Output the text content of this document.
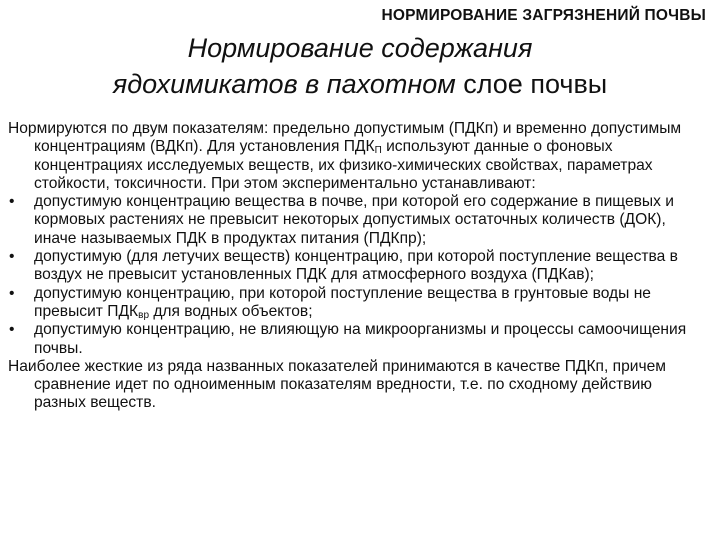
НОРМИРОВАНИЕ ЗАГРЯЗНЕНИЙ ПОЧВЫ
Нормирование содержания
ядохимикатов в пахотном слое почвы
Нормируются по двум показателям: предельно допустимым (ПДКп) и временно допустимым концентрациям (ВДКп). Для установления $ПДК_П$ используют данные о фоновых концентрациях исследуемых веществ, их физико-химических свойствах, параметрах стойкости, токсичности. При этом экспериментально устанавливают:
• допустимую концентрацию вещества в почве, при которой его содержание в пищевых и кормовых растениях не превысит некоторых допустимых остаточных количеств (ДОК), иначе называемых ПДК в продуктах питания (ПДКпр);
• допустимую (для летучих веществ) концентрацию, при которой поступление вещества в воздух не превысит установленных ПДК для атмосферного воздуха (ПДКав);
• допустимую концентрацию, при которой поступление вещества в грунтовые воды не превысит $ПДК_{вр}$ для водных объектов;
• допустимую концентрацию, не влияющую на микроорганизмы и процессы самоочищения почвы.
Наиболее жесткие из ряда названных показателей принимаются в качестве ПДКп, причем сравнение идет по одноименным показателям вредности, т.е. по сходному действию разных веществ.
